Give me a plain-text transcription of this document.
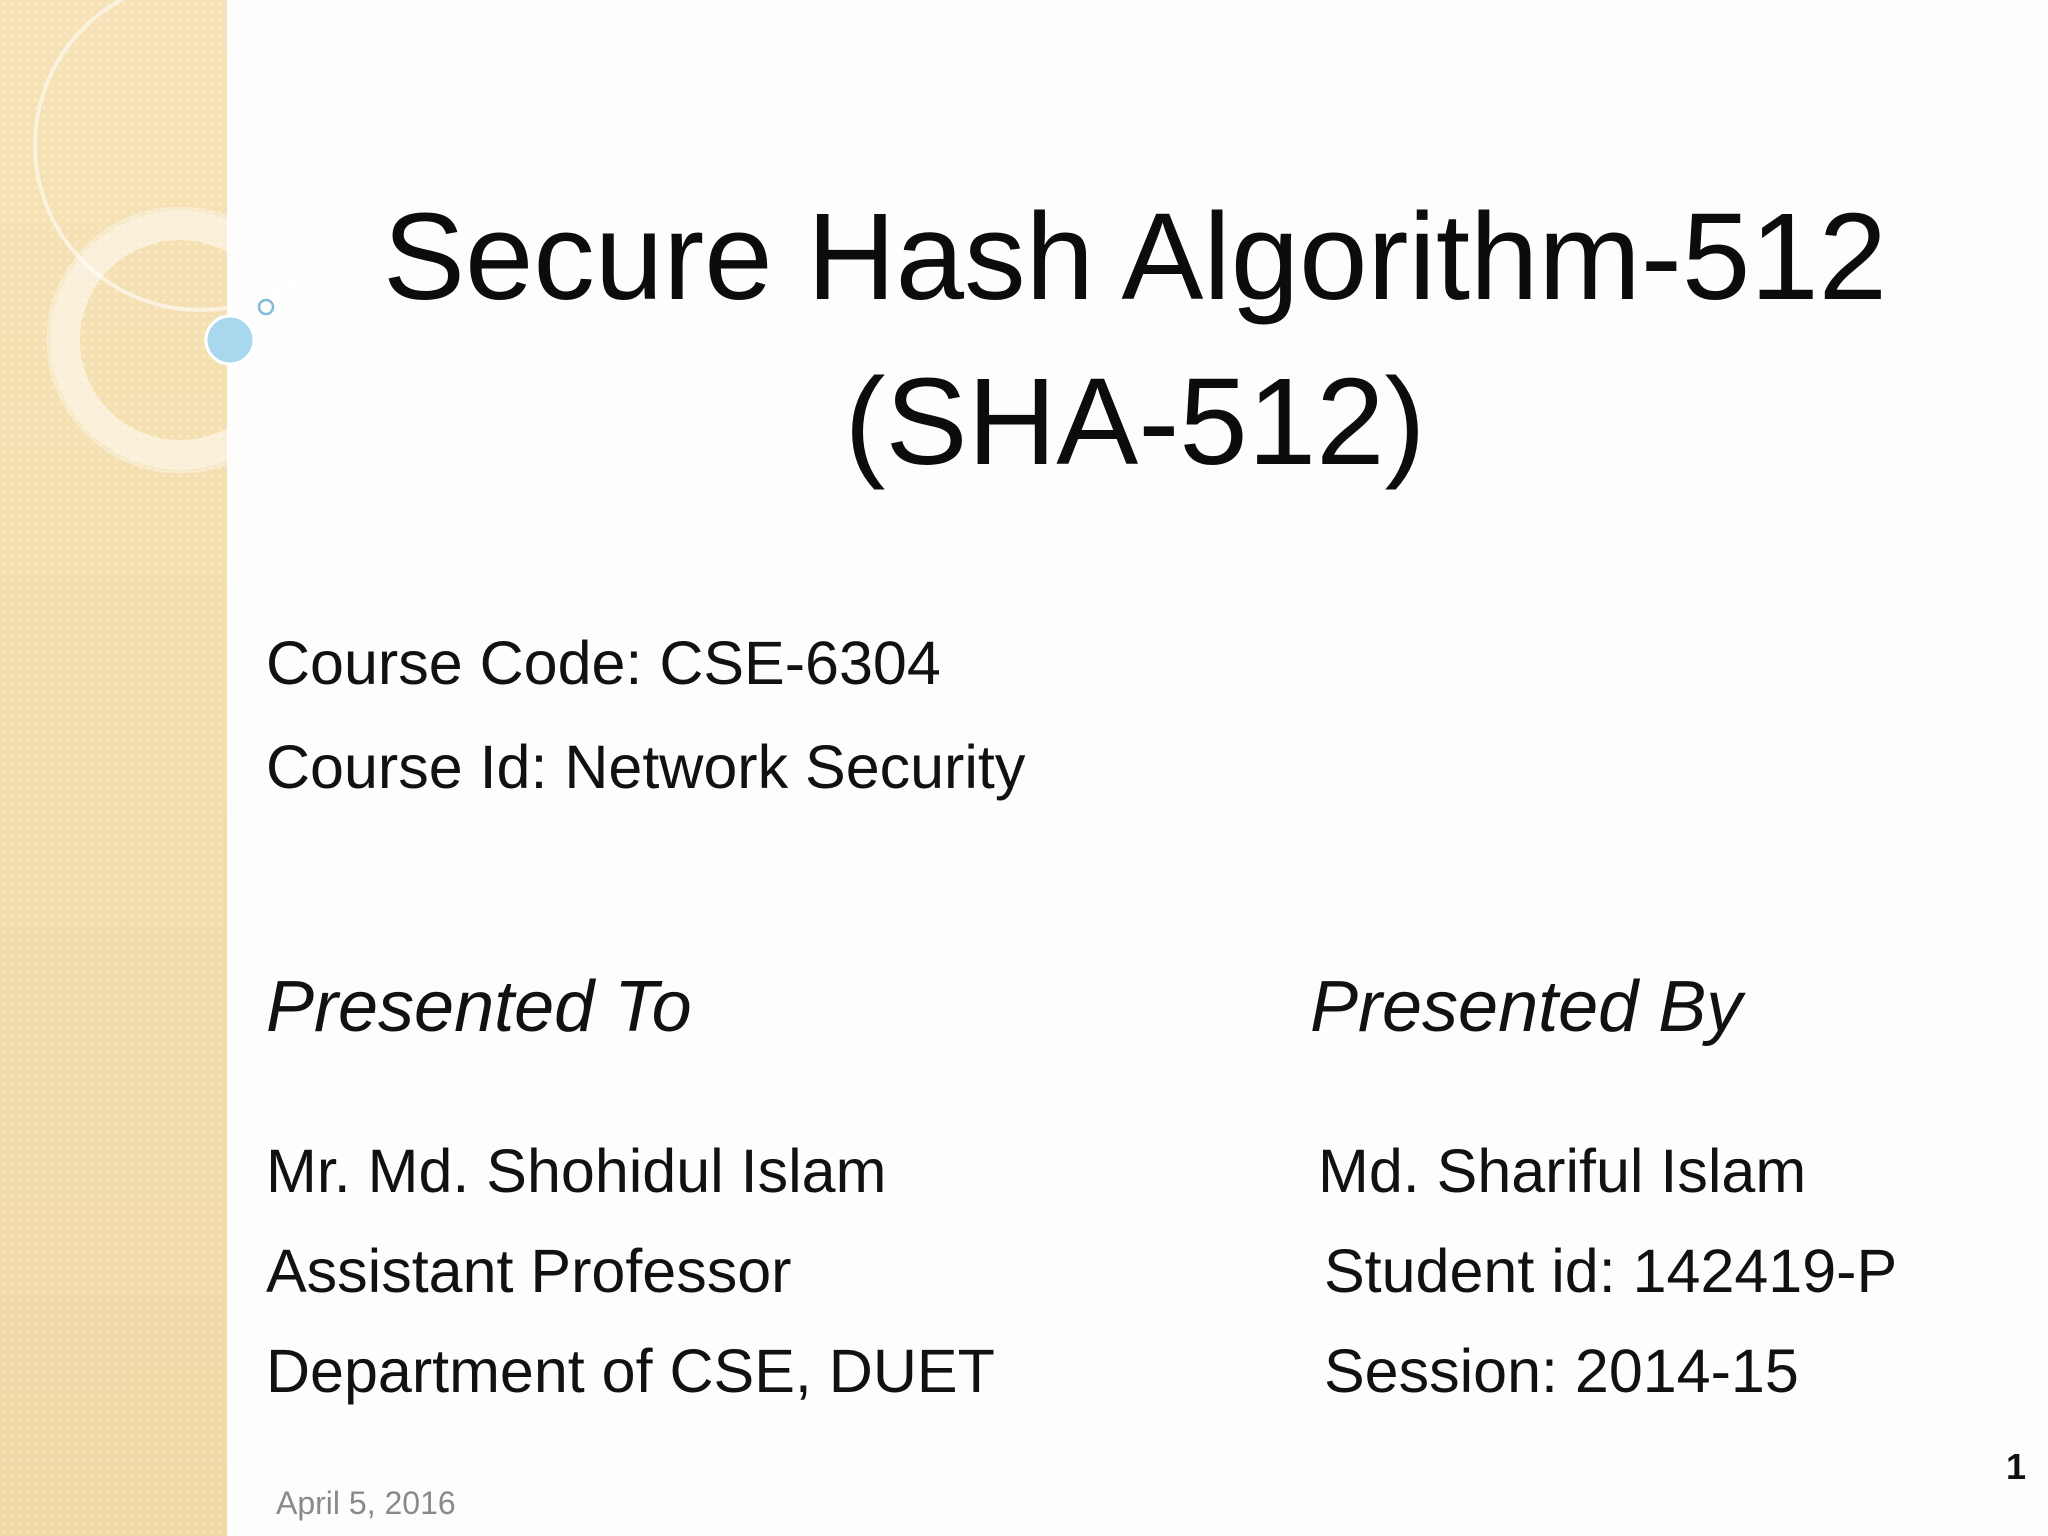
Secure Hash Algorithm-512
(SHA-512)
Course Code: CSE-6304
Course Id: Network Security
Presented To	Presented By
Mr. Md. Shohidul Islam
Assistant Professor
Department of CSE, DUET
Md. Shariful Islam
Student id: 142419-P
Session: 2014-15
April 5, 2016
1
